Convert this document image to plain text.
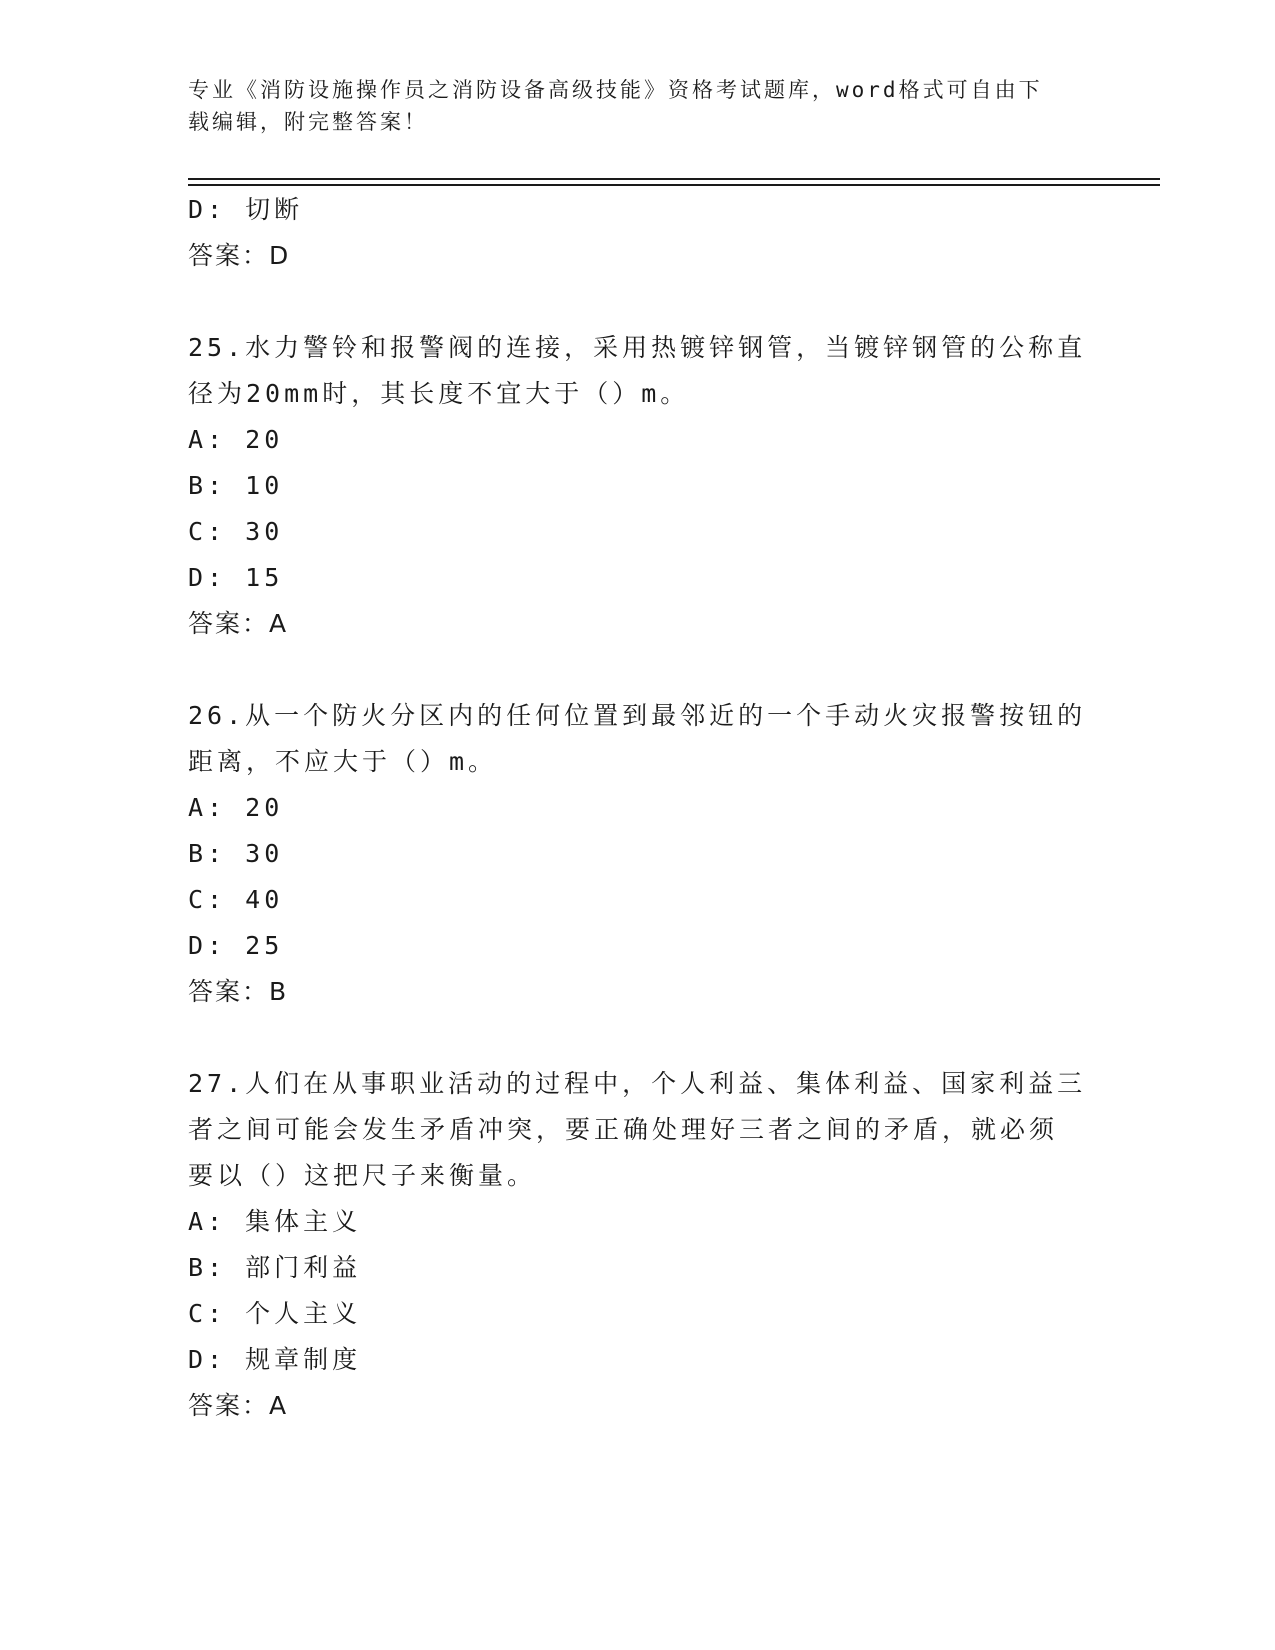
专业《消防设施操作员之消防设备高级技能》资格考试题库，word格式可自由下
载编辑，附完整答案！

D: 切断

答案：D

25.水力警铃和报警阀的连接，采用热镀锌钢管，当镀锌钢管的公称直
径为20mm时，其长度不宜大于（）m。

A: 20

B: 10

C: 30

D: 15

答案：A

26.从一个防火分区内的任何位置到最邻近的一个手动火灾报警按钮的
距离，不应大于（）m。

A: 20

B: 30

C: 40

D: 25

答案：B

27.人们在从事职业活动的过程中，个人利益、集体利益、国家利益三
者之间可能会发生矛盾冲突，要正确处理好三者之间的矛盾，就必须
要以（）这把尺子来衡量。

A: 集体主义

B: 部门利益

C: 个人主义

D: 规章制度

答案：A
